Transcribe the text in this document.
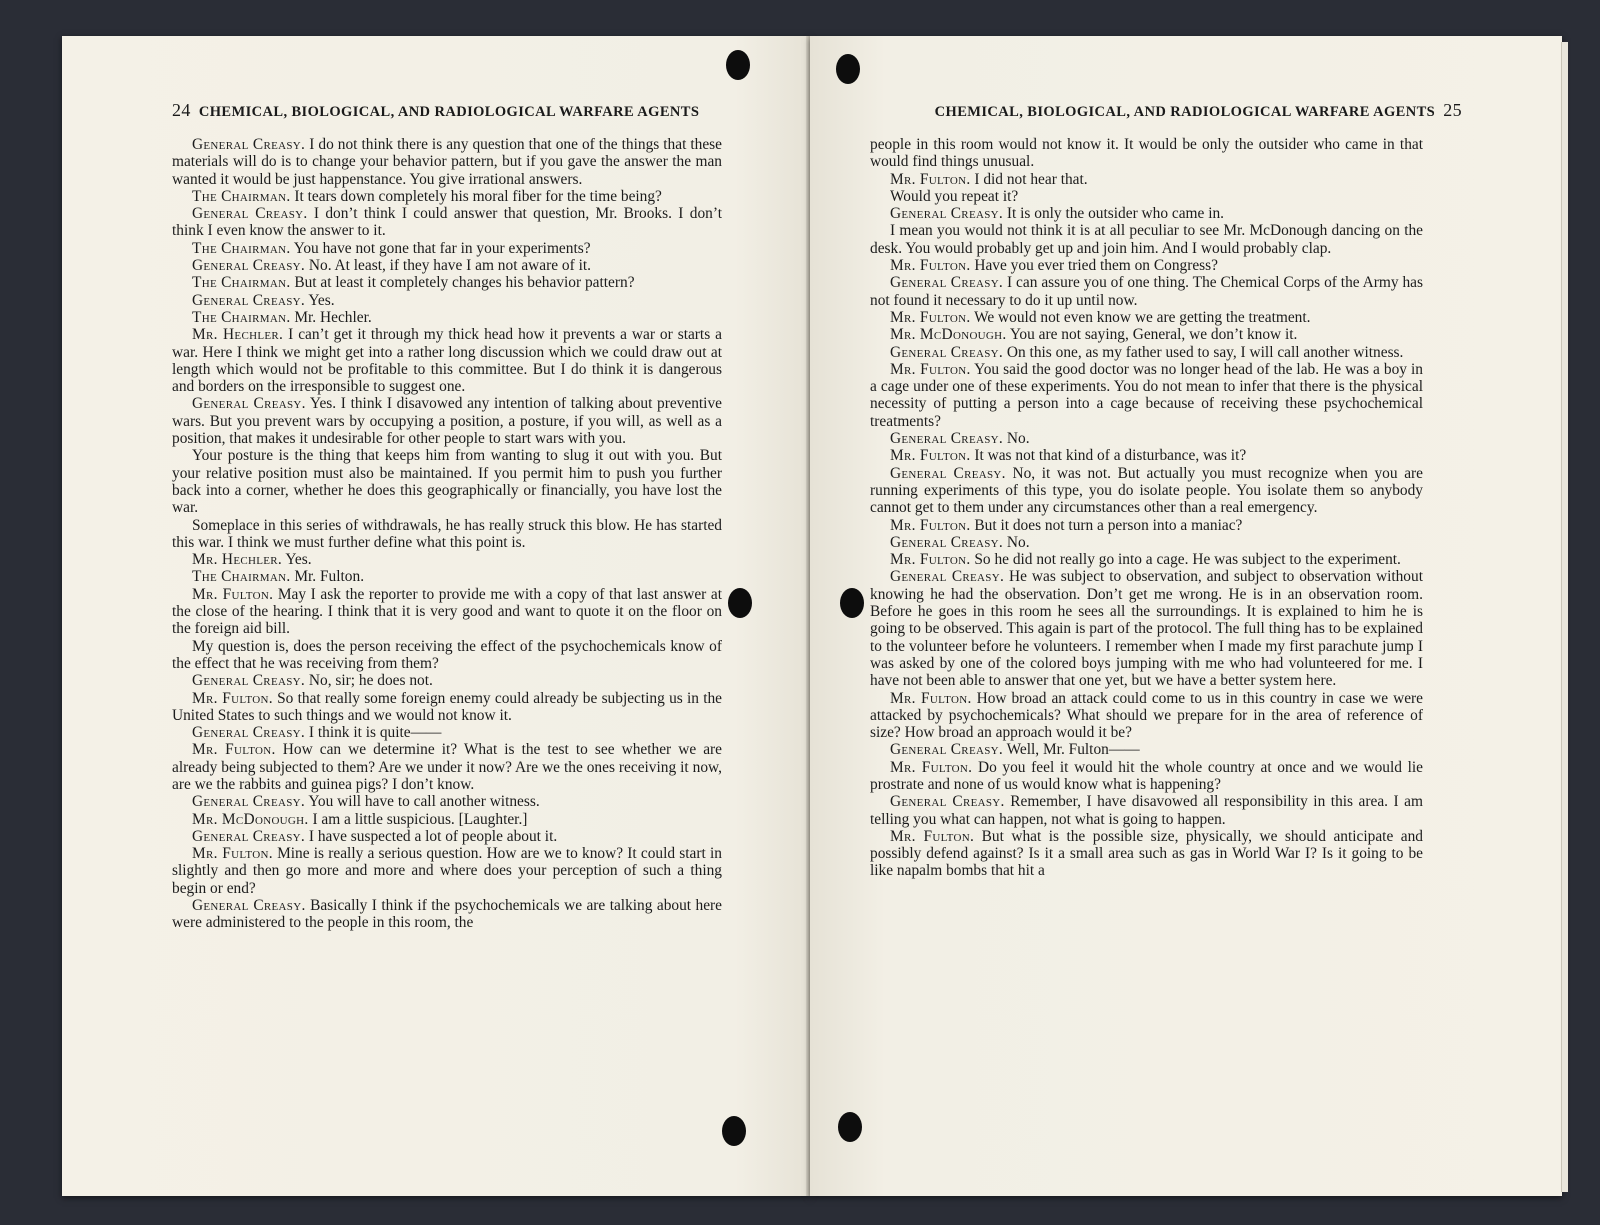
24 CHEMICAL, BIOLOGICAL, AND RADIOLOGICAL WARFARE AGENTS

General Creasy. I do not think there is any question that one of the things that these materials will do is to change your behavior pattern, but if you gave the answer the man wanted it would be just happenstance. You give irrational answers.

The Chairman. It tears down completely his moral fiber for the time being?

General Creasy. I don’t think I could answer that question, Mr. Brooks. I don’t think I even know the answer to it.

The Chairman. You have not gone that far in your experiments?

General Creasy. No. At least, if they have I am not aware of it.

The Chairman. But at least it completely changes his behavior pattern?

General Creasy. Yes.

The Chairman. Mr. Hechler.

Mr. Hechler. I can’t get it through my thick head how it prevents a war or starts a war. Here I think we might get into a rather long discussion which we could draw out at length which would not be profitable to this committee. But I do think it is dangerous and borders on the irresponsible to suggest one.

General Creasy. Yes. I think I disavowed any intention of talking about preventive wars. But you prevent wars by occupying a position, a posture, if you will, as well as a position, that makes it undesirable for other people to start wars with you.

Your posture is the thing that keeps him from wanting to slug it out with you. But your relative position must also be maintained. If you permit him to push you further back into a corner, whether he does this geographically or financially, you have lost the war.

Someplace in this series of withdrawals, he has really struck this blow. He has started this war. I think we must further define what this point is.

Mr. Hechler. Yes.

The Chairman. Mr. Fulton.

Mr. Fulton. May I ask the reporter to provide me with a copy of that last answer at the close of the hearing. I think that it is very good and want to quote it on the floor on the foreign aid bill.

My question is, does the person receiving the effect of the psychochemicals know of the effect that he was receiving from them?

General Creasy. No, sir; he does not.

Mr. Fulton. So that really some foreign enemy could already be subjecting us in the United States to such things and we would not know it.

General Creasy. I think it is quite——

Mr. Fulton. How can we determine it? What is the test to see whether we are already being subjected to them? Are we under it now? Are we the ones receiving it now, are we the rabbits and guinea pigs? I don’t know.

General Creasy. You will have to call another witness.

Mr. McDonough. I am a little suspicious. [Laughter.]

General Creasy. I have suspected a lot of people about it.

Mr. Fulton. Mine is really a serious question. How are we to know? It could start in slightly and then go more and more and where does your perception of such a thing begin or end?

General Creasy. Basically I think if the psychochemicals we are talking about here were administered to the people in this room, the

CHEMICAL, BIOLOGICAL, AND RADIOLOGICAL WARFARE AGENTS 25

people in this room would not know it. It would be only the outsider who came in that would find things unusual.

Mr. Fulton. I did not hear that.

Would you repeat it?

General Creasy. It is only the outsider who came in.

I mean you would not think it is at all peculiar to see Mr. McDonough dancing on the desk. You would probably get up and join him. And I would probably clap.

Mr. Fulton. Have you ever tried them on Congress?

General Creasy. I can assure you of one thing. The Chemical Corps of the Army has not found it necessary to do it up until now.

Mr. Fulton. We would not even know we are getting the treatment.

Mr. McDonough. You are not saying, General, we don’t know it.

General Creasy. On this one, as my father used to say, I will call another witness.

Mr. Fulton. You said the good doctor was no longer head of the lab. He was a boy in a cage under one of these experiments. You do not mean to infer that there is the physical necessity of putting a person into a cage because of receiving these psychochemical treatments?

General Creasy. No.

Mr. Fulton. It was not that kind of a disturbance, was it?

General Creasy. No, it was not. But actually you must recognize when you are running experiments of this type, you do isolate people. You isolate them so anybody cannot get to them under any circumstances other than a real emergency.

Mr. Fulton. But it does not turn a person into a maniac?

General Creasy. No.

Mr. Fulton. So he did not really go into a cage. He was subject to the experiment.

General Creasy. He was subject to observation, and subject to observation without knowing he had the observation. Don’t get me wrong. He is in an observation room. Before he goes in this room he sees all the surroundings. It is explained to him he is going to be observed. This again is part of the protocol. The full thing has to be explained to the volunteer before he volunteers. I remember when I made my first parachute jump I was asked by one of the colored boys jumping with me who had volunteered for me. I have not been able to answer that one yet, but we have a better system here.

Mr. Fulton. How broad an attack could come to us in this country in case we were attacked by psychochemicals? What should we prepare for in the area of reference of size? How broad an approach would it be?

General Creasy. Well, Mr. Fulton——

Mr. Fulton. Do you feel it would hit the whole country at once and we would lie prostrate and none of us would know what is happening?

General Creasy. Remember, I have disavowed all responsibility in this area. I am telling you what can happen, not what is going to happen.

Mr. Fulton. But what is the possible size, physically, we should anticipate and possibly defend against? Is it a small area such as gas in World War I? Is it going to be like napalm bombs that hit a
